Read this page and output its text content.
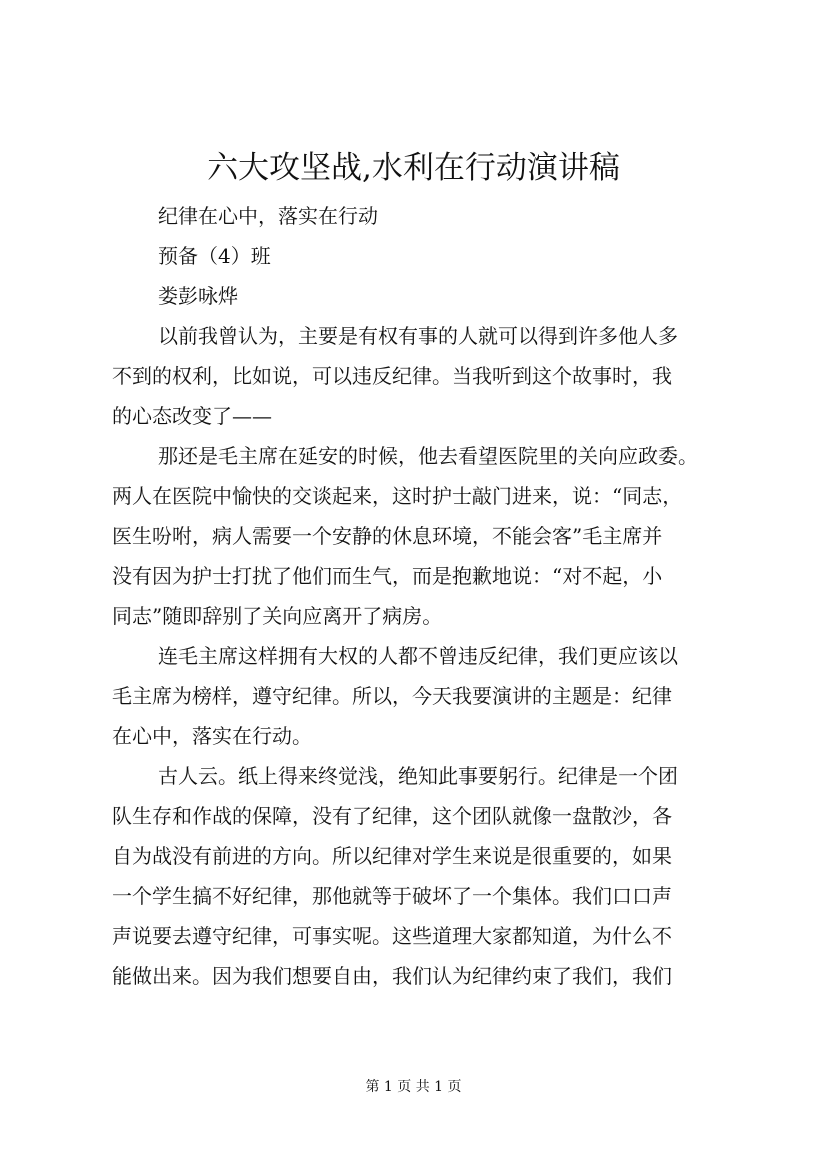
六大攻坚战,水利在行动演讲稿
纪律在心中，落实在行动
预备（4）班
娄彭咏烨
以前我曾认为，主要是有权有事的人就可以得到许多他人多
不到的权利，比如说，可以违反纪律。当我听到这个故事时，我
的心态改变了——
那还是毛主席在延安的时候，他去看望医院里的关向应政委。
两人在医院中愉快的交谈起来，这时护士敲门进来，说：“同志，
医生吩咐，病人需要一个安静的休息环境，不能会客”毛主席并
没有因为护士打扰了他们而生气，而是抱歉地说：“对不起，小
同志”随即辞别了关向应离开了病房。
连毛主席这样拥有大权的人都不曾违反纪律，我们更应该以
毛主席为榜样，遵守纪律。所以，今天我要演讲的主题是：纪律
在心中，落实在行动。
古人云。纸上得来终觉浅，绝知此事要躬行。纪律是一个团
队生存和作战的保障，没有了纪律，这个团队就像一盘散沙，各
自为战没有前进的方向。所以纪律对学生来说是很重要的，如果
一个学生搞不好纪律，那他就等于破坏了一个集体。我们口口声
声说要去遵守纪律，可事实呢。这些道理大家都知道，为什么不
能做出来。因为我们想要自由，我们认为纪律约束了我们，我们
第 1 页 共 1 页
